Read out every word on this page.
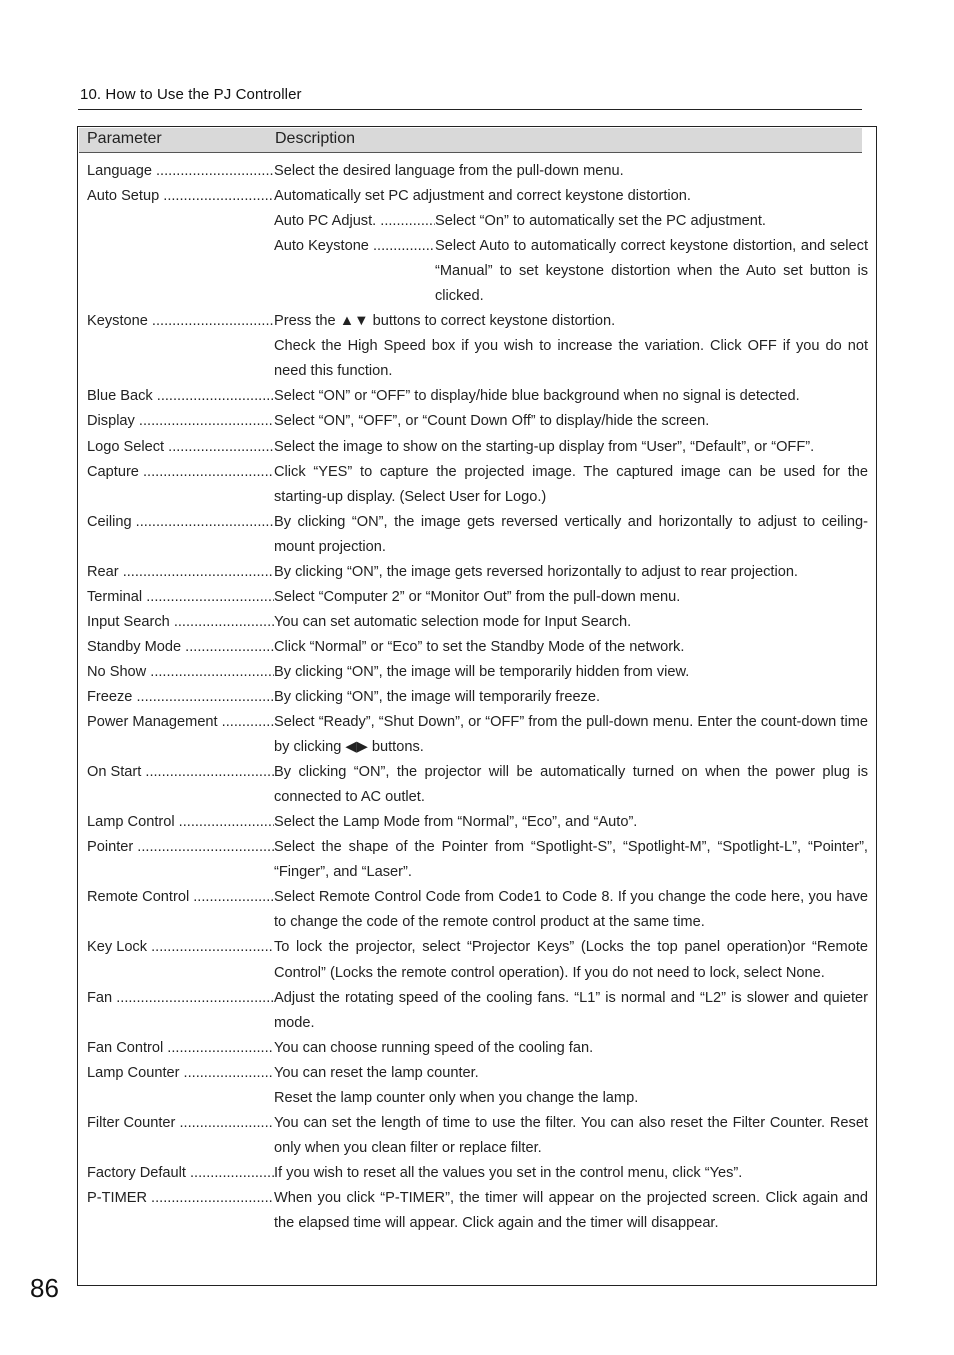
10. How to Use the PJ Controller
Parameter	Description
Language .....	Select the desired language from the pull-down menu.
Auto Setup .....	Automatically set PC adjustment and correct keystone distortion.
Auto PC Adjust. .....	Select “On” to automatically set the PC adjustment.
Auto Keystone .....	Select Auto to automatically correct keystone distortion, and select “Manual” to set keystone distortion when the Auto set button is clicked.
Keystone .....	Press the ▲▼ buttons to correct keystone distortion.
Check the High Speed box if you wish to increase the variation. Click OFF if you do not need this function.
Blue Back .....	Select “ON” or “OFF” to display/hide blue background when no signal is detected.
Display .....	Select “ON”, “OFF”, or “Count Down Off” to display/hide the screen.
Logo Select .....	Select the image to show on the starting-up display from “User”, “Default”, or “OFF”.
Capture .....	Click “YES” to capture the projected image. The captured image can be used for the starting-up display. (Select User for Logo.)
Ceiling .....	By clicking “ON”, the image gets reversed vertically and horizontally to adjust to ceiling-mount projection.
Rear .....	By clicking “ON”, the image gets reversed horizontally to adjust to rear projection.
Terminal .....	Select “Computer 2” or “Monitor Out” from the pull-down menu.
Input Search .....	You can set automatic selection mode for Input Search.
Standby Mode .....	Click “Normal” or “Eco” to set the Standby Mode of the network.
No Show .....	By clicking “ON”, the image will be temporarily hidden from view.
Freeze .....	By clicking “ON”, the image will temporarily freeze.
Power Management .....	Select “Ready”, “Shut Down”, or “OFF” from the pull-down menu. Enter the count-down time by clicking ◀▶ buttons.
On Start .....	By clicking “ON”, the projector will be automatically turned on when the power plug is connected to AC outlet.
Lamp Control .....	Select the Lamp Mode from “Normal”, “Eco”, and “Auto”.
Pointer .....	Select the shape of the Pointer from “Spotlight-S”, “Spotlight-M”, “Spotlight-L”, “Pointer”, “Finger”, and “Laser”.
Remote Control .....	Select Remote Control Code from Code1 to Code 8. If you change the code here, you have to change the code of the remote control product at the same time.
Key Lock .....	To lock the projector, select “Projector Keys” (Locks the top panel operation)or “Remote Control” (Locks the remote control operation). If you do not need to lock, select None.
Fan .....	Adjust the rotating speed of the cooling fans. “L1” is normal and “L2” is slower and quieter mode.
Fan Control .....	You can choose running speed of the cooling fan.
Lamp Counter .....	You can reset the lamp counter.
Reset the lamp counter only when you change the lamp.
Filter Counter .....	You can set the length of time to use the filter. You can also reset the Filter Counter. Reset only when you clean filter or replace filter.
Factory Default .....	If you wish to reset all the values you set in the control menu, click “Yes”.
P-TIMER .....	When you click “P-TIMER”, the timer will appear on the projected screen. Click again and the elapsed time will appear. Click again and the timer will disappear.
86
